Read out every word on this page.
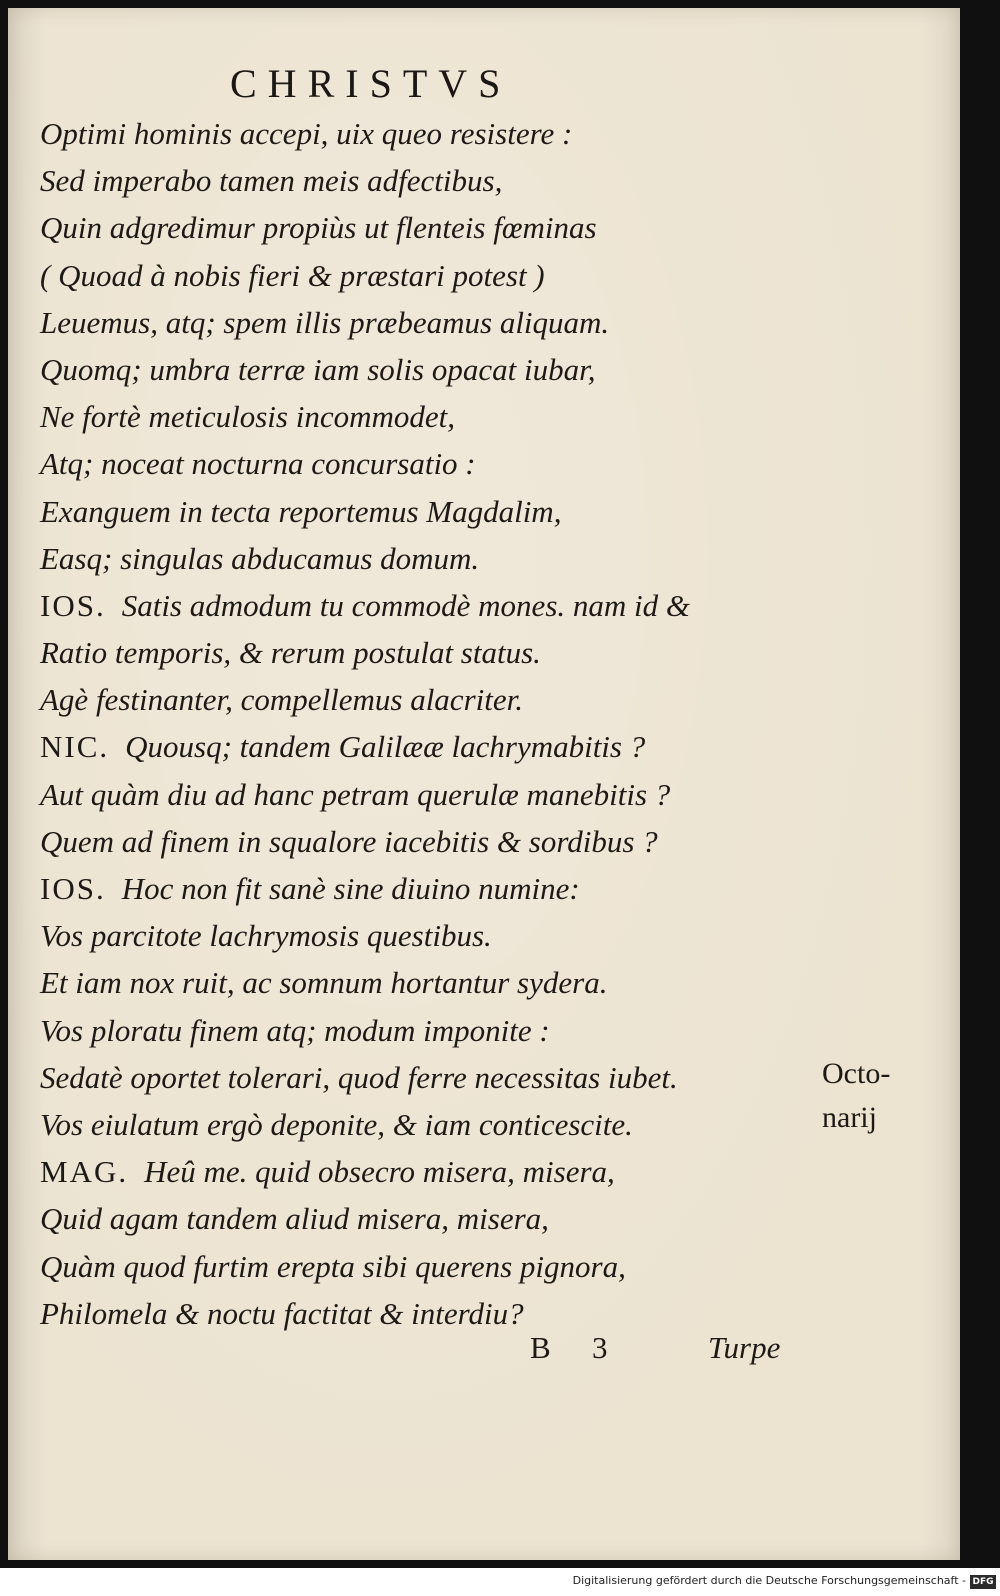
CHRISTVS
Optimi hominis accepi, uix queo resistere :
Sed imperabo tamen meis adfectibus,
Quin adgredimur propiùs ut flenteis fœminas
( Quoad à nobis fieri & præstari potest )
Leuemus, atq; spem illis præbeamus aliquam.
Quomq; umbra terræ iam solis opacat iubar,
Ne fortè meticulosis incommodet,
Atq; noceat nocturna concursatio :
Exanguem in tecta reportemus Magdalim,
Easq; singulas abducamus domum.
IOS. Satis admodum tu commodè mones. nam id &
Ratio temporis, & rerum postulat status.
Agè festinanter, compellemus alacriter.
NIC. Quousq; tandem Galilææ lachrymabitis ?
Aut quàm diu ad hanc petram querulæ manebitis ?
Quem ad finem in squalore iacebitis & sordibus ?
IOS. Hoc non fit sanè sine diuino numine:
Vos parcitote lachrymosis questibus.
Et iam nox ruit, ac somnum hortantur syderа.
Vos ploratu finem atq; modum imponite :
Sedatè oportet tolerari, quod ferre necessitas iubet.
Vos eiulatum ergò deponite, & iam conticescite.
MAG. Heû me. quid obsecro misera, misera,
Quid agam tandem aliud misera, misera,
Quàm quod furtim erepta sibi querens pignora,
Philomela & noctu factitat & interdiu?
Octo-
narij
B 3	Turpe
Digitalisierung gefördert durch die Deutsche Forschungsgemeinschaft - DFG
